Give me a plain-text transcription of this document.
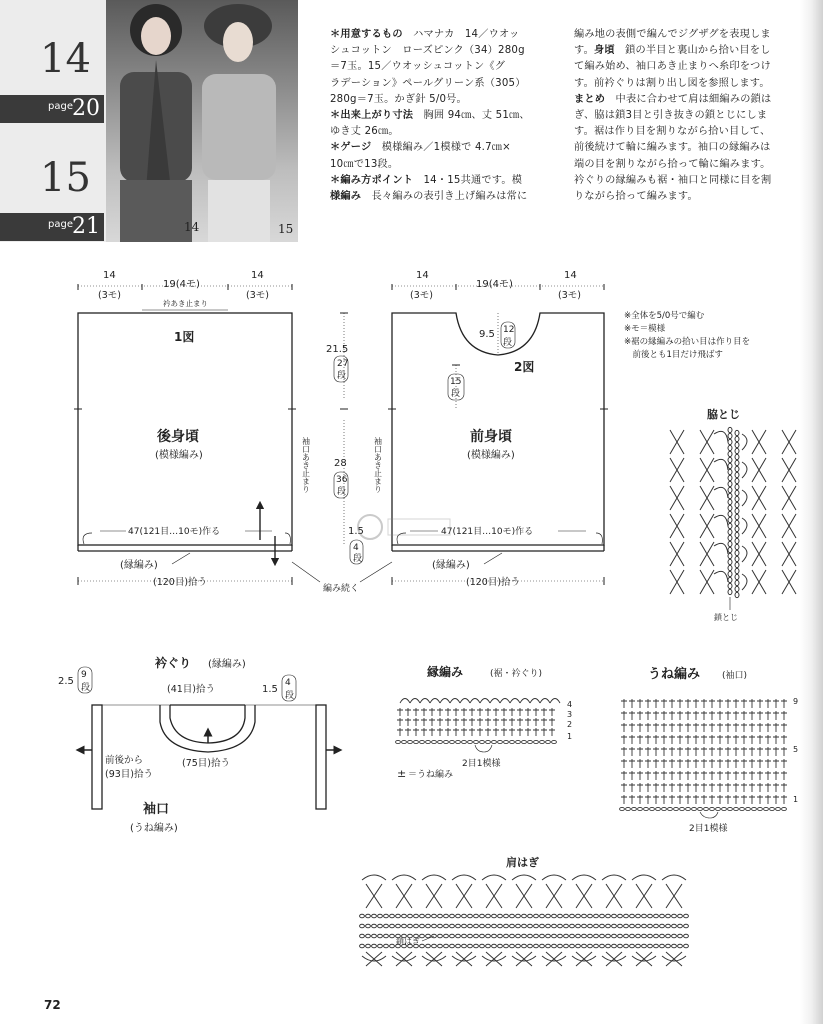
14
page 20
15
page 21	14	15

＊用意するもの　ハマナカ　14／ウオッ

シュコットン　ローズピンク（34）280g

＝7玉。15／ウオッシュコットン《グ

ラデーション》ペールグリーン系（305）

280g＝7玉。かぎ針 5/0号。

＊出来上がり寸法　胸囲 94㎝、丈 51㎝、

ゆき丈 26㎝。

＊ゲージ　模様編み／1模様で 4.7㎝×

10㎝で13段。

＊編み方ポイント　14・15共通です。模

様編み　長々編みの表引き上げ編みは常に

編み地の表側で編んでジグザグを表現しま

す。身頃　鎖の半目と裏山から拾い目をし

て編み始め、袖口あき止まりへ糸印をつけ

す。前衿ぐりは割り出し図を参照します。

まとめ　中表に合わせて肩は細編みの鎖は

ぎ、脇は鎖3目と引き抜きの鎖とじにしま

す。裾は作り目を割りながら拾い目して、

前後続けて輪に編みます。袖口の縁編みは

端の目を割りながら拾って輪に編みます。

衿ぐりの縁編みも裾・袖口と同様に目を割

りながら拾って編みます。

14
19(4モ)
14
(3モ)	(3モ)
衿あき止まり
1図
後身頃
(模様編み)
47(121目…10モ)作る
(縁編み)
(120目)拾う
袖口あき止まり
21.5
27
段
28
36
段
1.5
4
段
編み続く
14
19(4モ)
14
(3モ)	(3モ)
9.5 12
段
15
段
2図
前身頃
(模様編み)
47(121目…10モ)作る
(縁編み)
(120目)拾う
袖口あき止まり
脇とじ
鎖とじ
衿ぐり (縁編み)
2.5
9
段	1.5
4
段
(41目)拾う
(75目)拾う
前後から
(93目)拾う
袖口
(うね編み)
縁編み	(裾・衿ぐり)
4
3
2
1
2目1模様
± ＝うね編み
うね編み (袖口)
9
5
1
2目1模様
肩はぎ
鎖はぎ
※全体を5/0号で編む
※モ＝模様
※裾の縁編みの拾い目は作り目を
　前後とも1目だけ飛ばす
72
